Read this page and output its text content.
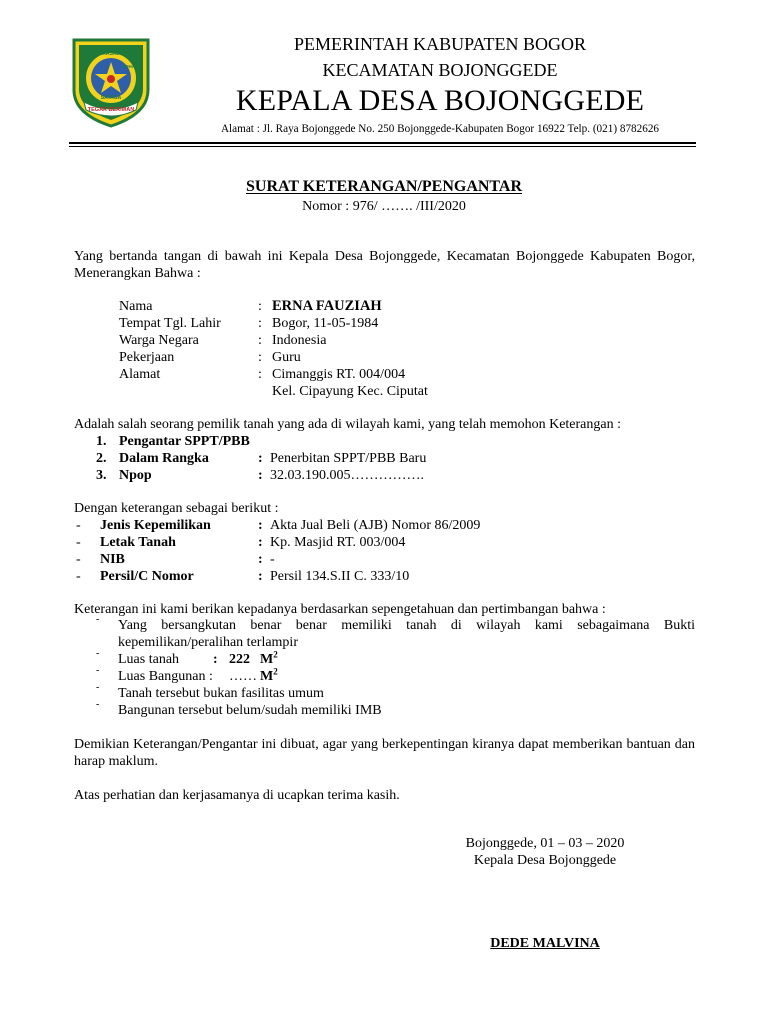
TEGAR BERIMAN
PRASAJA
TOHAGA
SAYAGA
PEMERINTAH KABUPATEN BOGOR
KECAMATAN BOJONGGEDE
KEPALA DESA BOJONGGEDE
Alamat : Jl. Raya Bojonggede No. 250 Bojonggede-Kabupaten Bogor 16922 Telp. (021) 8782626
SURAT KETERANGAN/PENGANTAR
Nomor : 976/ ……. /III/2020
Yang bertanda tangan di bawah ini Kepala Desa Bojonggede, Kecamatan Bojonggede Kabupaten Bogor, Menerangkan Bahwa :
Nama	: ERNA FAUZIAH
Tempat Tgl. Lahir	: Bogor, 11-05-1984
Warga Negara	: Indonesia
Pekerjaan	: Guru
Alamat	: Cimanggis RT. 004/004
Kel. Cipayung Kec. Ciputat
Adalah salah seorang pemilik tanah yang ada di wilayah kami, yang telah memohon Keterangan :
1. Pengantar SPPT/PBB
2. Dalam Rangka	: Penerbitan SPPT/PBB Baru
3. Npop	: 32.03.190.005…………….
Dengan keterangan sebagai berikut :
- Jenis Kepemilikan	: Akta Jual Beli (AJB) Nomor 86/2009
- Letak Tanah	: Kp. Masjid RT. 003/004
- NIB	: -
- Persil/C Nomor	: Persil 134.S.II C. 333/10
Keterangan ini kami berikan kepadanya berdasarkan sepengetahuan dan pertimbangan bahwa :
- Yang bersangkutan benar benar memiliki tanah di wilayah kami sebagaimana Bukti kepemilikan/peralihan terlampir
- Luas tanah : 222 $M^2$
- Luas Bangunan : …… $M^2$
- Tanah tersebut bukan fasilitas umum
- Bangunan tersebut belum/sudah memiliki IMB
Demikian Keterangan/Pengantar ini dibuat, agar yang berkepentingan kiranya dapat memberikan bantuan dan harap maklum.
Atas perhatian dan kerjasamanya di ucapkan terima kasih.
Bojonggede, 01 – 03 – 2020
Kepala Desa Bojonggede
DEDE MALVINA
